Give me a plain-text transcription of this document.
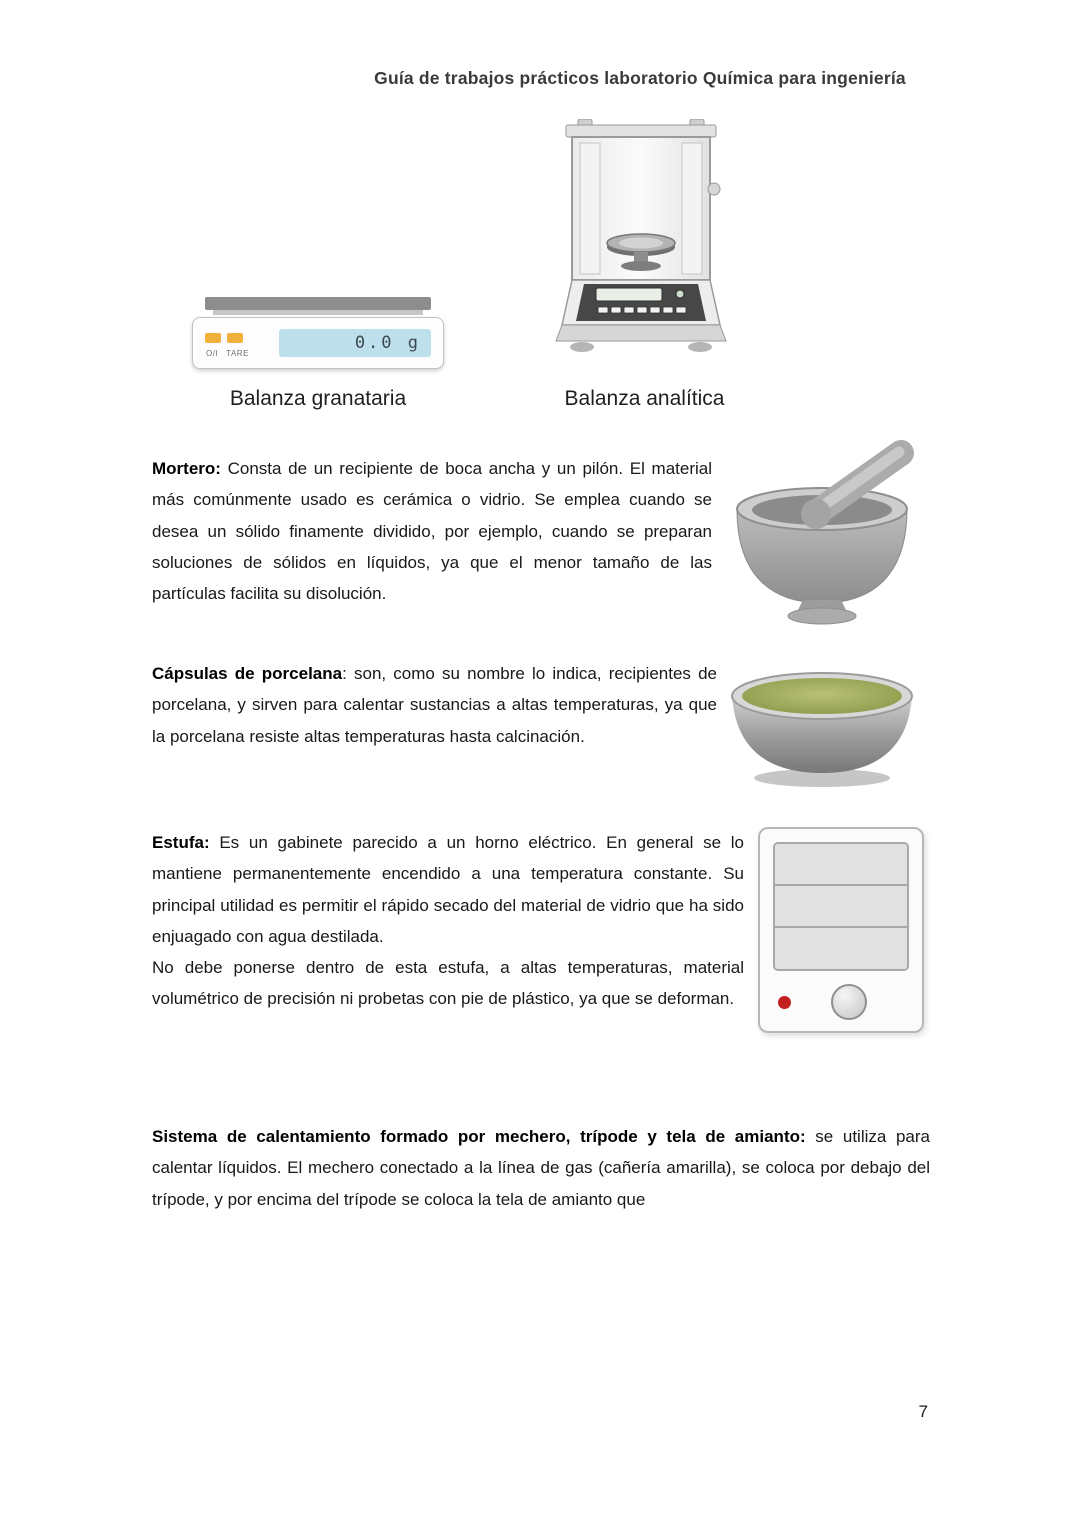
Guía de trabajos prácticos laboratorio Química para ingeniería
O/I TARE
0.0 g
Balanza granataria	Balanza analítica
Mortero: Consta de un recipiente de boca ancha y un pilón. El material más comúnmente usado es cerámica o vidrio. Se emplea cuando se desea un sólido finamente dividido, por ejemplo, cuando se preparan soluciones de sólidos en líquidos, ya que el menor tamaño de las partículas facilita su disolución.
Cápsulas de porcelana: son, como su nombre lo indica, recipientes de porcelana, y sirven para calentar sustancias a altas temperaturas, ya que la porcelana resiste altas temperaturas hasta calcinación.
Estufa: Es un gabinete parecido a un horno eléctrico. En general se lo mantiene permanentemente encendido a una temperatura constante. Su principal utilidad es permitir el rápido secado del material de vidrio que ha sido enjuagado con agua destilada.
No debe ponerse dentro de esta estufa, a altas temperaturas, material volumétrico de precisión ni probetas con pie de plástico, ya que se deforman.
Sistema de calentamiento formado por mechero, trípode y tela de amianto: se utiliza para calentar líquidos. El mechero conectado a la línea de gas (cañería amarilla), se coloca por debajo del trípode, y por encima del trípode se coloca la tela de amianto que
7
